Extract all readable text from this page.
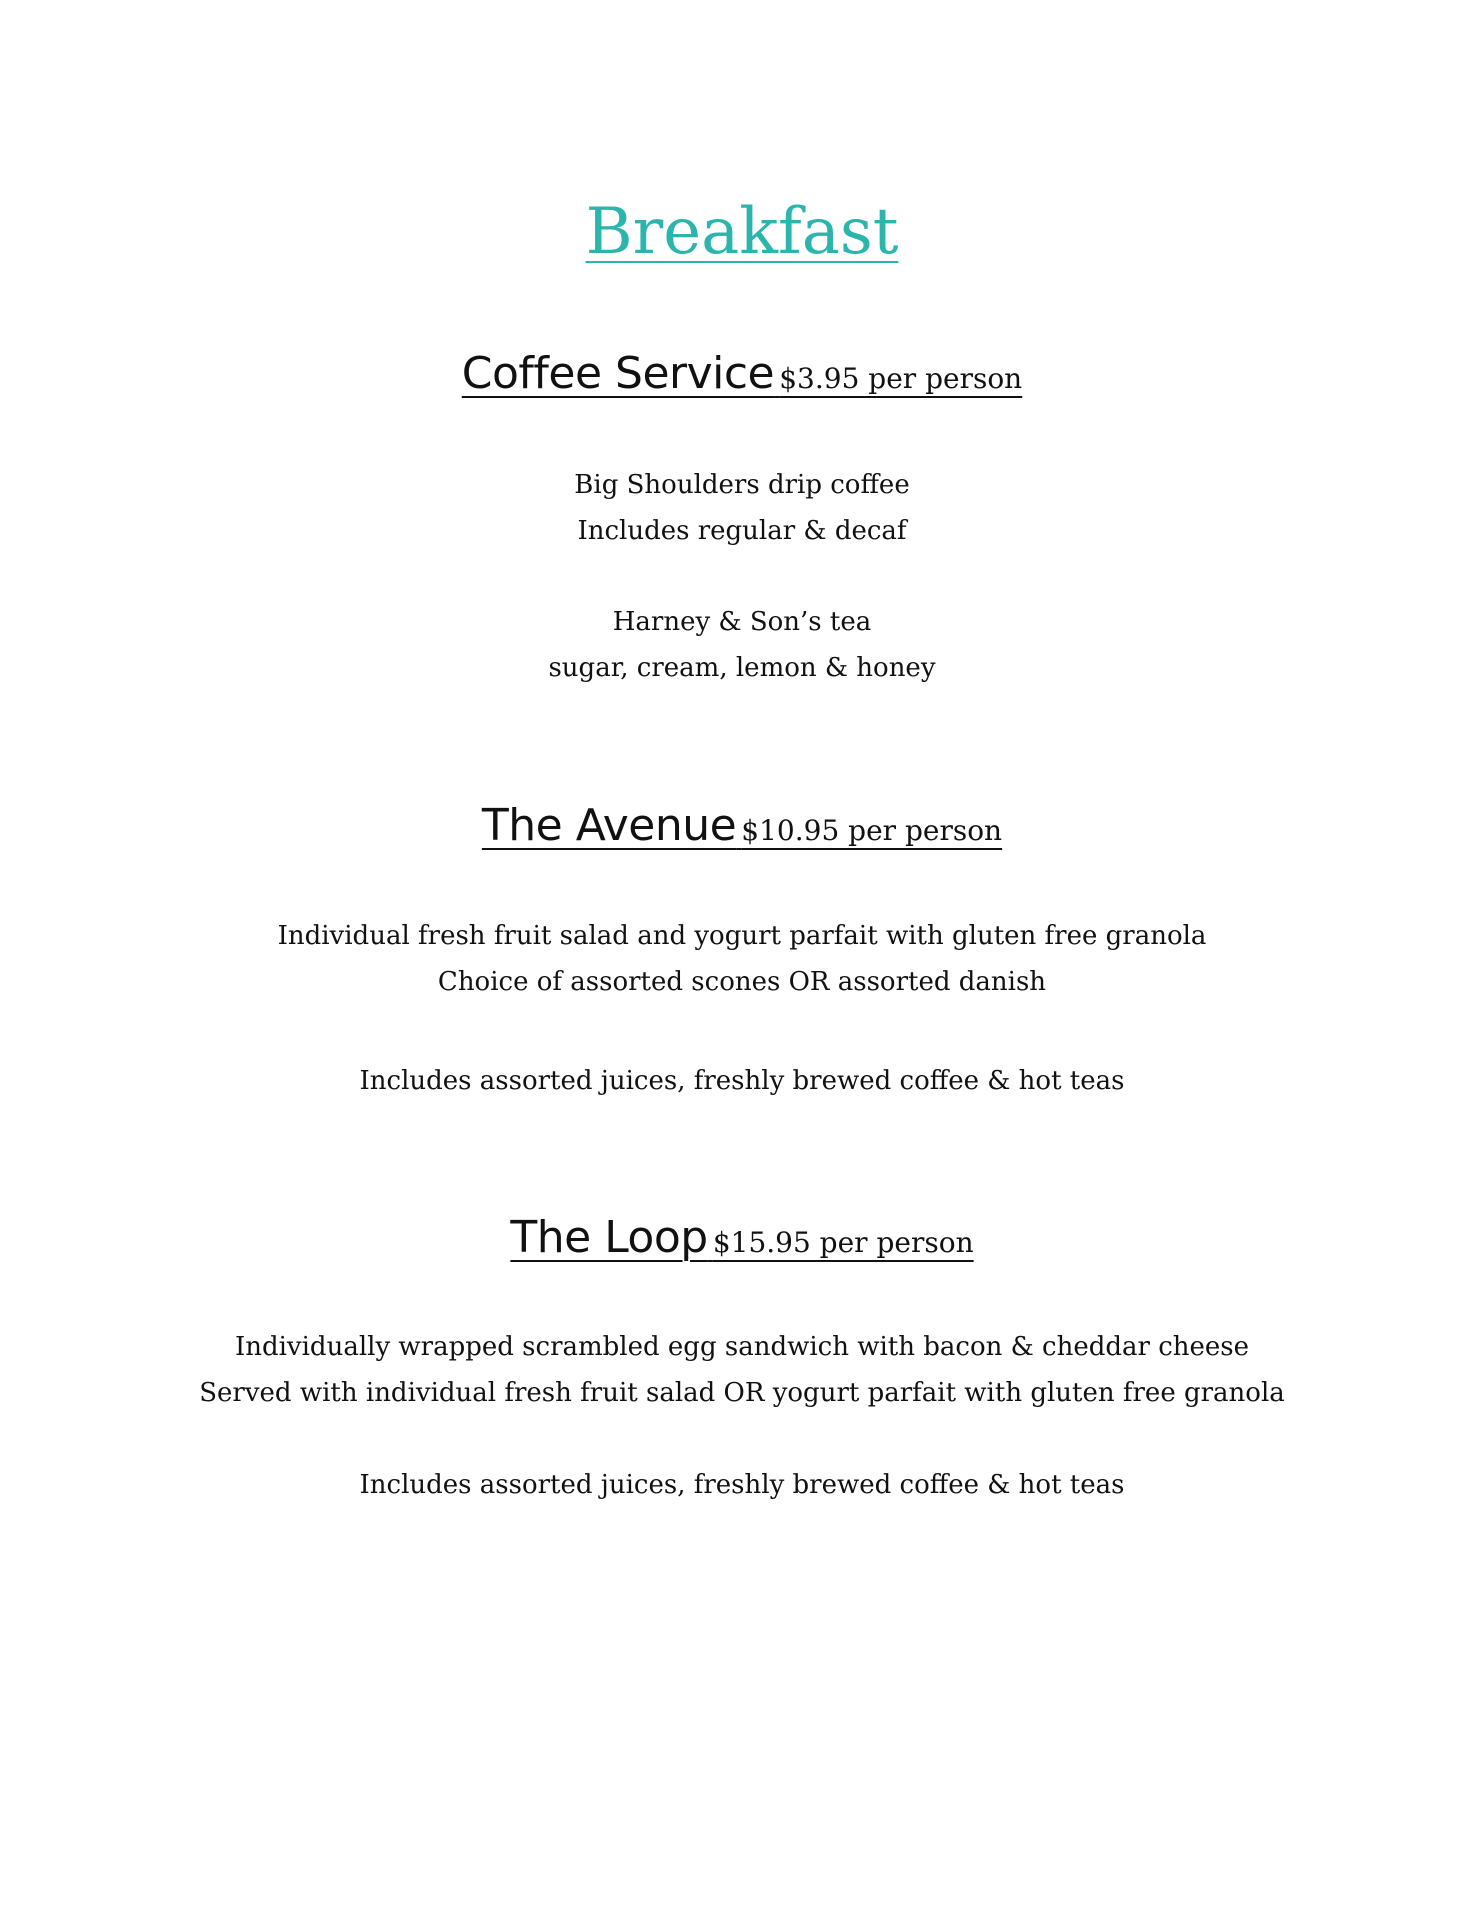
Breakfast
Coffee Service $3.95 per person
Big Shoulders drip coffee
Includes regular & decaf
Harney & Son’s tea
sugar, cream, lemon & honey
The Avenue $10.95 per person
Individual fresh fruit salad and yogurt parfait with gluten free granola
Choice of assorted scones OR assorted danish
Includes assorted juices, freshly brewed coffee & hot teas
The Loop $15.95 per person
Individually wrapped scrambled egg sandwich with bacon & cheddar cheese
Served with individual fresh fruit salad OR yogurt parfait with gluten free granola
Includes assorted juices, freshly brewed coffee & hot teas
